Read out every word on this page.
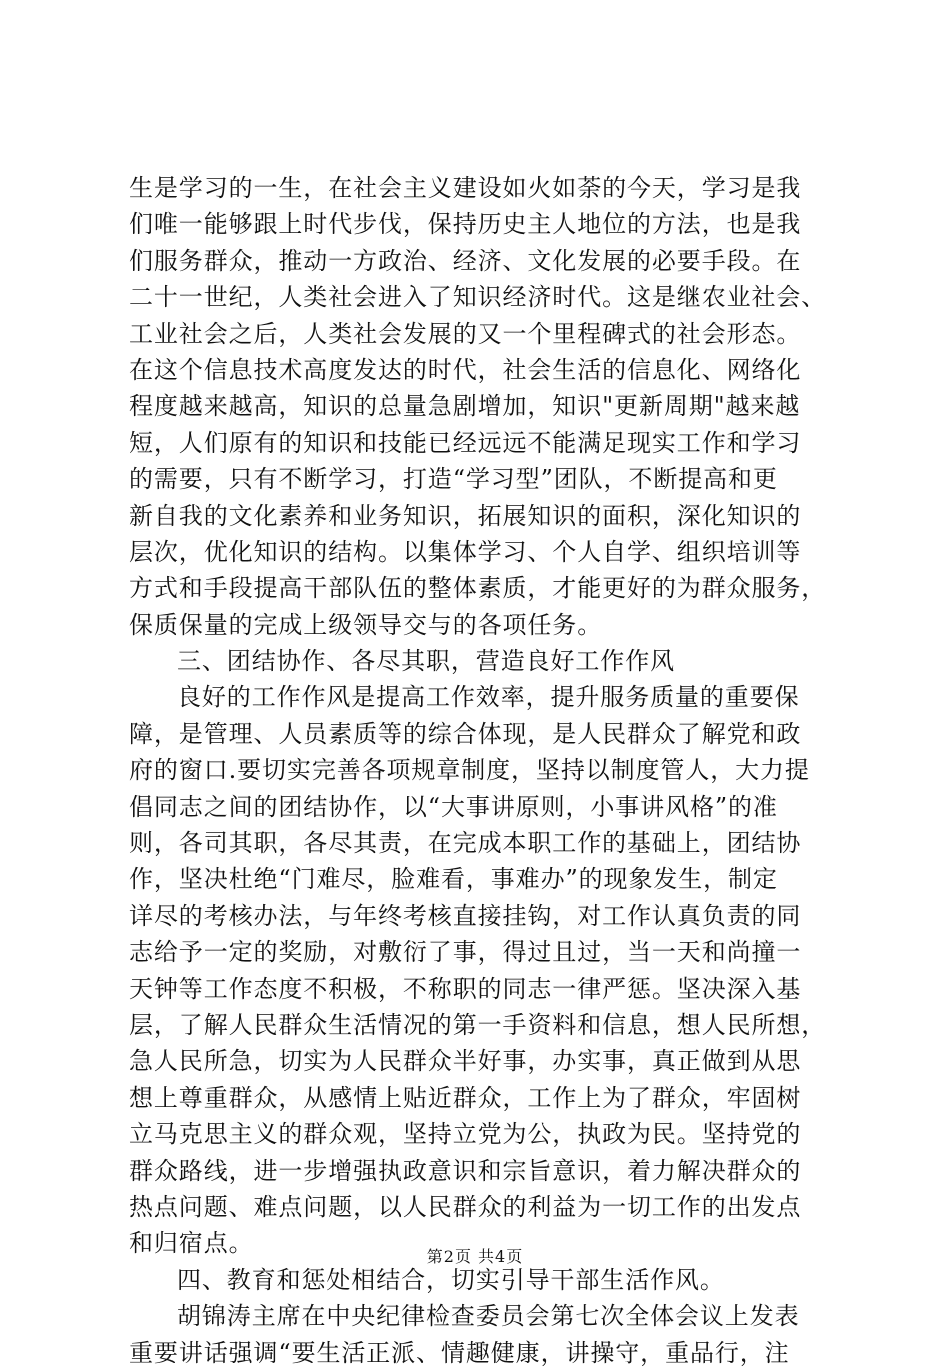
生是学习的一生，在社会主义建设如火如荼的今天，学习是我
们唯一能够跟上时代步伐，保持历史主人地位的方法，也是我
们服务群众，推动一方政治、经济、文化发展的必要手段。在
二十一世纪，人类社会进入了知识经济时代。这是继农业社会、
工业社会之后，人类社会发展的又一个里程碑式的社会形态。
在这个信息技术高度发达的时代，社会生活的信息化、网络化
程度越来越高，知识的总量急剧增加，知识"更新周期"越来越
短，人们原有的知识和技能已经远远不能满足现实工作和学习
的需要，只有不断学习，打造“学习型”团队，不断提高和更
新自我的文化素养和业务知识，拓展知识的面积，深化知识的
层次，优化知识的结构。以集体学习、个人自学、组织培训等
方式和手段提高干部队伍的整体素质，才能更好的为群众服务，
保质保量的完成上级领导交与的各项任务。
三、团结协作、各尽其职，营造良好工作作风
良好的工作作风是提高工作效率，提升服务质量的重要保
障，是管理、人员素质等的综合体现，是人民群众了解党和政
府的窗口.要切实完善各项规章制度，坚持以制度管人，大力提
倡同志之间的团结协作，以“大事讲原则，小事讲风格”的准
则，各司其职，各尽其责，在完成本职工作的基础上，团结协
作，坚决杜绝“门难尽，脸难看，事难办”的现象发生，制定
详尽的考核办法，与年终考核直接挂钩，对工作认真负责的同
志给予一定的奖励，对敷衍了事，得过且过，当一天和尚撞一
天钟等工作态度不积极，不称职的同志一律严惩。坚决深入基
层，了解人民群众生活情况的第一手资料和信息，想人民所想，
急人民所急，切实为人民群众半好事，办实事，真正做到从思
想上尊重群众，从感情上贴近群众，工作上为了群众，牢固树
立马克思主义的群众观，坚持立党为公，执政为民。坚持党的
群众路线，进一步增强执政意识和宗旨意识，着力解决群众的
热点问题、难点问题，以人民群众的利益为一切工作的出发点
和归宿点。
四、教育和惩处相结合，切实引导干部生活作风。
胡锦涛主席在中央纪律检查委员会第七次全体会议上发表
重要讲话强调“要生活正派、情趣健康，讲操守，重品行，注
第2页 共4页
